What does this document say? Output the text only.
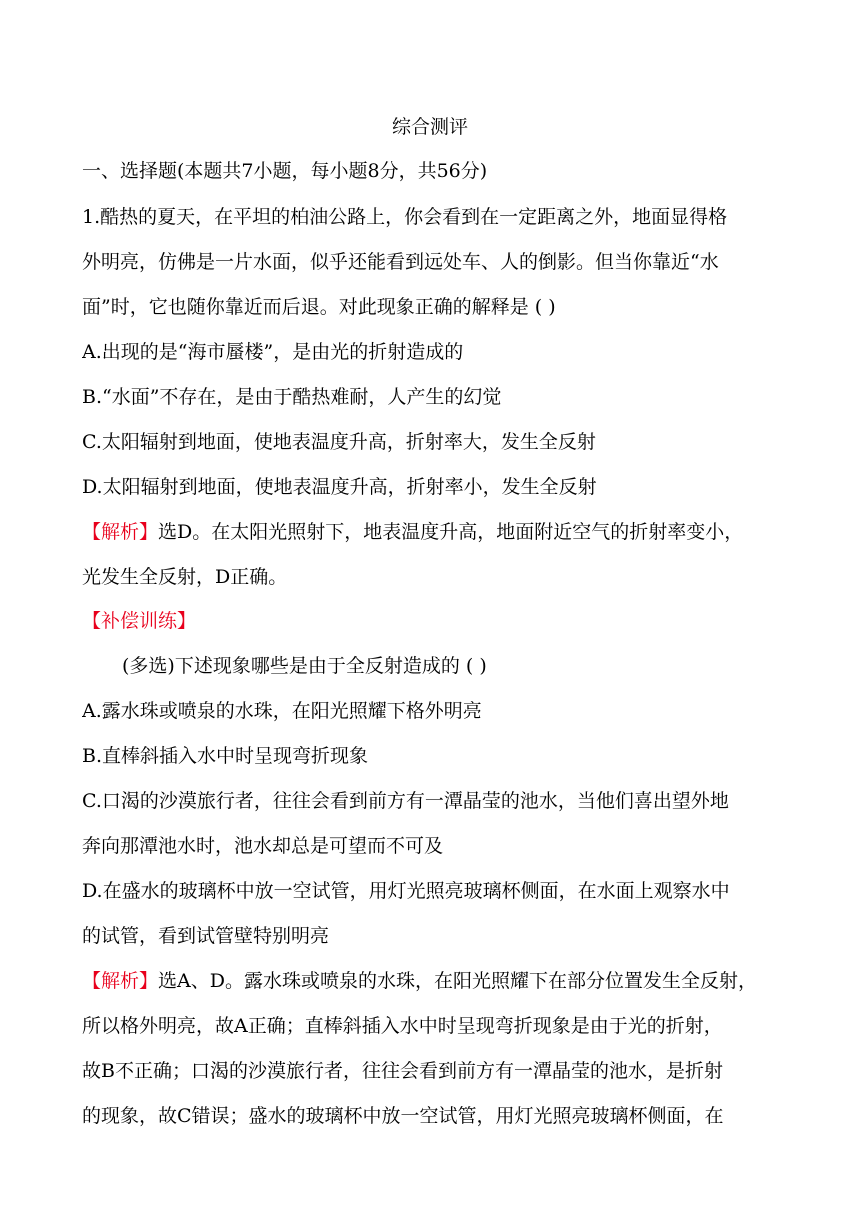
综合测评
一、选择题(本题共7小题，每小题8分，共56分)
1.酷热的夏天，在平坦的柏油公路上，你会看到在一定距离之外，地面显得格
外明亮，仿佛是一片水面，似乎还能看到远处车、人的倒影。但当你靠近“水
面”时，它也随你靠近而后退。对此现象正确的解释是 ( )
A.出现的是“海市蜃楼”，是由光的折射造成的
B.“水面”不存在，是由于酷热难耐，人产生的幻觉
C.太阳辐射到地面，使地表温度升高，折射率大，发生全反射
D.太阳辐射到地面，使地表温度升高，折射率小，发生全反射
【解析】选D。在太阳光照射下，地表温度升高，地面附近空气的折射率变小，
光发生全反射，D正确。
【补偿训练】
(多选)下述现象哪些是由于全反射造成的 ( )
A.露水珠或喷泉的水珠，在阳光照耀下格外明亮
B.直棒斜插入水中时呈现弯折现象
C.口渴的沙漠旅行者，往往会看到前方有一潭晶莹的池水，当他们喜出望外地
奔向那潭池水时，池水却总是可望而不可及
D.在盛水的玻璃杯中放一空试管，用灯光照亮玻璃杯侧面，在水面上观察水中
的试管，看到试管壁特别明亮
【解析】选A、D。露水珠或喷泉的水珠，在阳光照耀下在部分位置发生全反射，
所以格外明亮，故A正确；直棒斜插入水中时呈现弯折现象是由于光的折射，
故B不正确；口渴的沙漠旅行者，往往会看到前方有一潭晶莹的池水，是折射
的现象，故C错误；盛水的玻璃杯中放一空试管，用灯光照亮玻璃杯侧面，在
